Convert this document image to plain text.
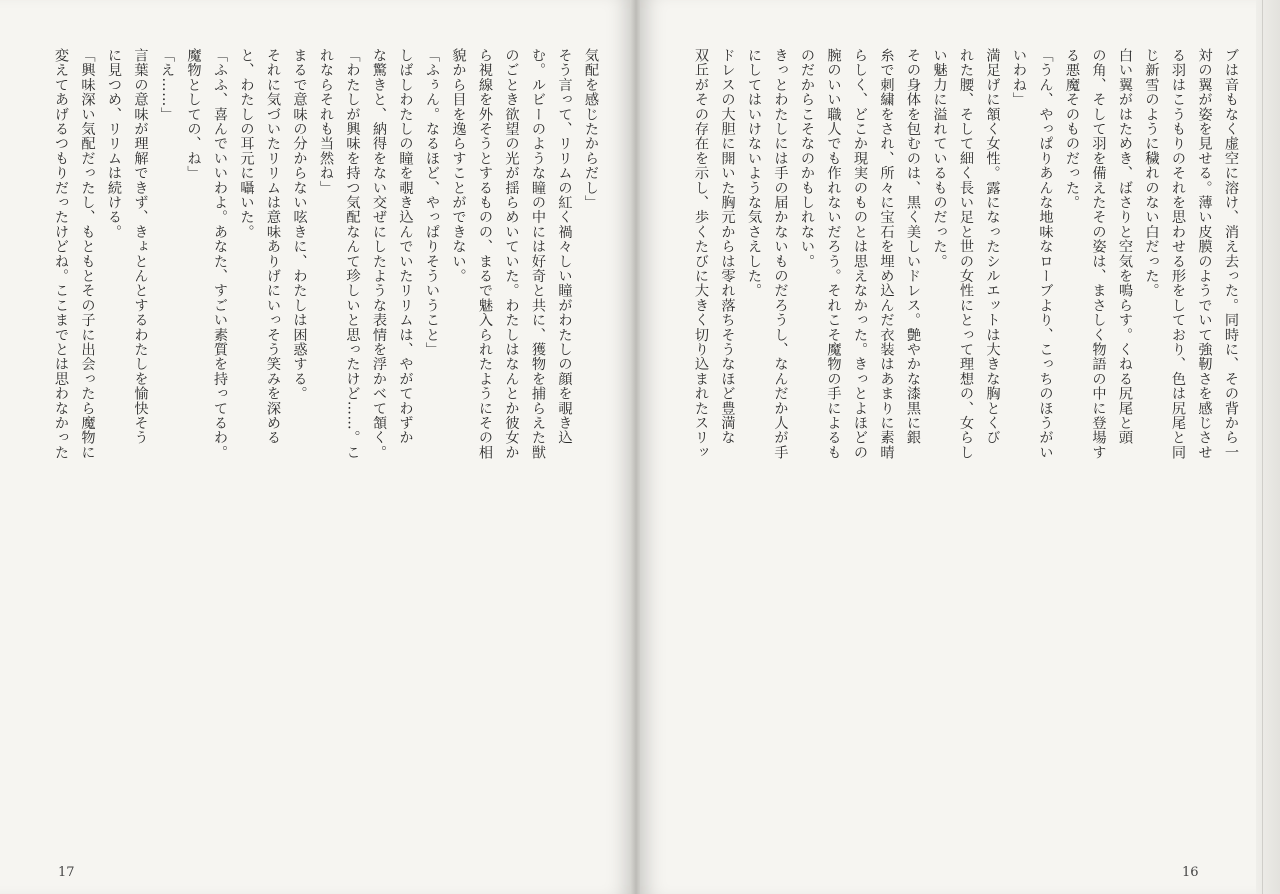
気配を感じたからだし」

そう言って、リリムの紅く禍々しい瞳がわたしの顔を覗き込

む。ルビーのような瞳の中には好奇と共に、獲物を捕らえた獣

のごとき欲望の光が揺らめいていた。わたしはなんとか彼女か

ら視線を外そうとするものの、まるで魅入られたようにその相

貌から目を逸らすことができない。

「ふぅん。なるほど、やっぱりそういうこと」

しばしわたしの瞳を覗き込んでいたリリムは、やがてわずか

な驚きと、納得をない交ぜにしたような表情を浮かべて頷く。

「わたしが興味を持つ気配なんて珍しいと思ったけど……。こ

れならそれも当然ね」

まるで意味の分からない呟きに、わたしは困惑する。

それに気づいたリリムは意味ありげにいっそう笑みを深める

と、わたしの耳元に囁いた。

「ふふ、喜んでいいわよ。あなた、すごい素質を持ってるわ。

魔物としての、ね」

「え……」

言葉の意味が理解できず、きょとんとするわたしを愉快そう

に見つめ、リリムは続ける。

「興味深い気配だったし、もともとその子に出会ったら魔物に

変えてあげるつもりだったけどね。ここまでとは思わなかった

17

ブは音もなく虚空に溶け、消え去った。同時に、その背から一

対の翼が姿を見せる。薄い皮膜のようでいて強靭さを感じさせ

る羽はこうもりのそれを思わせる形をしており、色は尻尾と同

じ新雪のように穢れのない白だった。

白い翼がはためき、ばさりと空気を鳴らす。くねる尻尾と頭

の角、そして羽を備えたその姿は、まさしく物語の中に登場す

る悪魔そのものだった。

「うん、やっぱりあんな地味なローブより、こっちのほうがい

いわね」

満足げに頷く女性。露になったシルエットは大きな胸とくび

れた腰、そして細く長い足と世の女性にとって理想の、女らし

い魅力に溢れているものだった。

その身体を包むのは、黒く美しいドレス。艶やかな漆黒に銀

糸で刺繍をされ、所々に宝石を埋め込んだ衣装はあまりに素晴

らしく、どこか現実のものとは思えなかった。きっとよほどの

腕のいい職人でも作れないだろう。それこそ魔物の手によるも

のだからこそなのかもしれない。

きっとわたしには手の届かないものだろうし、なんだか人が手

にしてはいけないような気さえした。

ドレスの大胆に開いた胸元からは零れ落ちそうなほど豊満な

双丘がその存在を示し、歩くたびに大きく切り込まれたスリッ

16
